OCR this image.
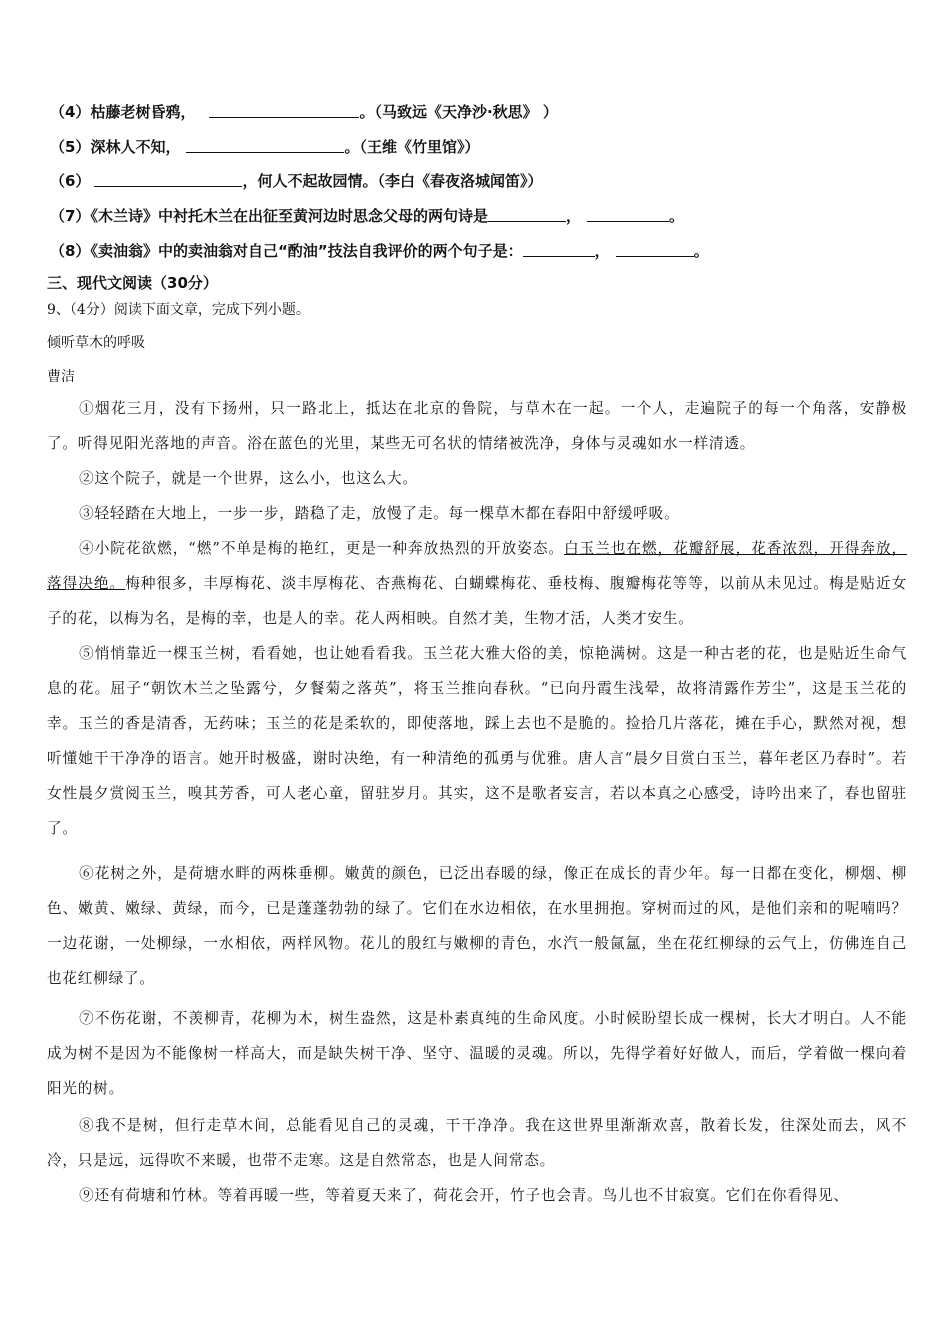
（4）枯藤老树昏鸦，	。（马致远《天净沙·秋思》 ）
（5）深林人不知，	。（王维《竹里馆》）
（6）	，何人不起故园情。（李白《春夜洛城闻笛》）
（7）《木兰诗》中衬托木兰在出征至黄河边时思念父母的两句诗是	，	。
（8）《卖油翁》中的卖油翁对自己“酌油”技法自我评价的两个句子是：	，	。
三、现代文阅读（30分）
9、（4分）阅读下面文章，完成下列小题。
倾听草木的呼吸
曹洁

①烟花三月，没有下扬州，只一路北上，抵达在北京的鲁院，与草木在一起。一个人，走遍院子的每一个角落，安静极了。听得见阳光落地的声音。浴在蓝色的光里，某些无可名状的情绪被洗净，身体与灵魂如水一样清透。

②这个院子，就是一个世界，这么小，也这么大。

③轻轻踏在大地上，一步一步，踏稳了走，放慢了走。每一棵草木都在春阳中舒缓呼吸。

④小院花欲燃，“燃”不单是梅的艳红，更是一种奔放热烈的开放姿态。白玉兰也在燃，花瓣舒展，花香浓烈，开得奔放，落得决绝。梅种很多，丰厚梅花、淡丰厚梅花、杏燕梅花、白蝴蝶梅花、垂枝梅、腹瓣梅花等等，以前从未见过。梅是贴近女子的花，以梅为名，是梅的幸，也是人的幸。花人两相映。自然才美，生物才活，人类才安生。

⑤悄悄靠近一棵玉兰树，看看她，也让她看看我。玉兰花大雅大俗的美，惊艳满树。这是一种古老的花，也是贴近生命气息的花。屈子“朝饮木兰之坠露兮，夕餐菊之落英”，将玉兰推向春秋。“已向丹霞生浅晕，故将清露作芳尘”，这是玉兰花的幸。玉兰的香是清香，无药味；玉兰的花是柔软的，即使落地，踩上去也不是脆的。捡拾几片落花，摊在手心，默然对视，想听懂她干干净净的语言。她开时极盛，谢时决绝，有一种清绝的孤勇与优雅。唐人言“晨夕目赏白玉兰，暮年老区乃春时”。若女性晨夕赏阅玉兰，嗅其芳香，可人老心童，留驻岁月。其实，这不是歌者妄言，若以本真之心感受，诗吟出来了，春也留驻了。

⑥花树之外，是荷塘水畔的两株垂柳。嫩黄的颜色，已泛出春暖的绿，像正在成长的青少年。每一日都在变化，柳烟、柳色、嫩黄、嫩绿、黄绿，而今，已是蓬蓬勃勃的绿了。它们在水边相依，在水里拥抱。穿树而过的风，是他们亲和的呢喃吗？一边花谢，一处柳绿，一水相依，两样风物。花儿的殷红与嫩柳的青色，水汽一般氤氲，坐在花红柳绿的云气上，仿佛连自己也花红柳绿了。

⑦不伤花谢，不羡柳青，花柳为木，树生盎然，这是朴素真纯的生命风度。小时候盼望长成一棵树，长大才明白。人不能成为树不是因为不能像树一样高大，而是缺失树干净、坚守、温暖的灵魂。所以，先得学着好好做人，而后，学着做一棵向着阳光的树。

⑧我不是树，但行走草木间，总能看见自己的灵魂，干干净净。我在这世界里渐渐欢喜，散着长发，往深处而去，风不冷，只是远，远得吹不来暖，也带不走寒。这是自然常态，也是人间常态。

⑨还有荷塘和竹林。等着再暖一些，等着夏天来了，荷花会开，竹子也会青。鸟儿也不甘寂寞。它们在你看得见、
